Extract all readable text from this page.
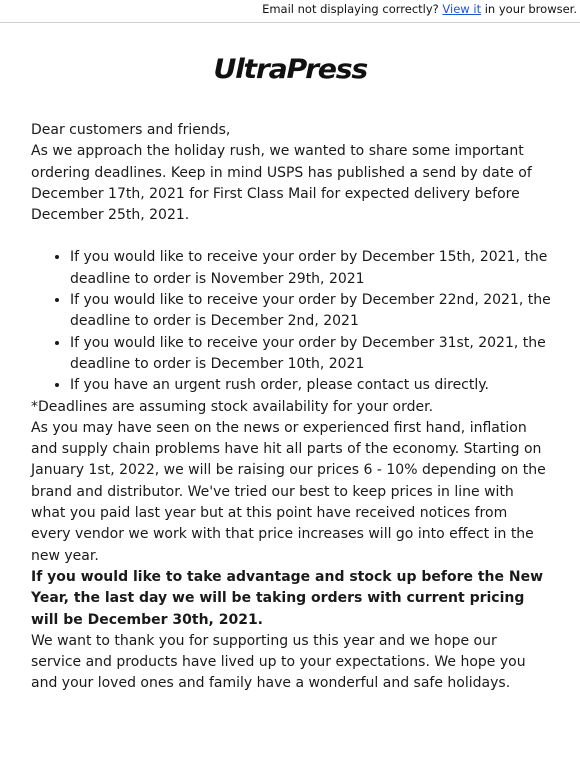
Email not displaying correctly? View it in your browser.
UltraPress

Dear customers and friends,

As we approach the holiday rush, we wanted to share some important ordering deadlines. Keep in mind USPS has published a send by date of December 17th, 2021 for First Class Mail for expected delivery before December 25th, 2021.

• If you would like to receive your order by December 15th, 2021, the deadline to order is November 29th, 2021
• If you would like to receive your order by December 22nd, 2021, the deadline to order is December 2nd, 2021
• If you would like to receive your order by December 31st, 2021, the deadline to order is December 10th, 2021
• If you have an urgent rush order, please contact us directly.

*Deadlines are assuming stock availability for your order.

As you may have seen on the news or experienced first hand, inflation and supply chain problems have hit all parts of the economy. Starting on January 1st, 2022, we will be raising our prices 6 - 10% depending on the brand and distributor. We've tried our best to keep prices in line with what you paid last year but at this point have received notices from every vendor we work with that price increases will go into effect in the new year.

If you would like to take advantage and stock up before the New Year, the last day we will be taking orders with current pricing will be December 30th, 2021.

We want to thank you for supporting us this year and we hope our service and products have lived up to your expectations. We hope you and your loved ones and family have a wonderful and safe holidays.
